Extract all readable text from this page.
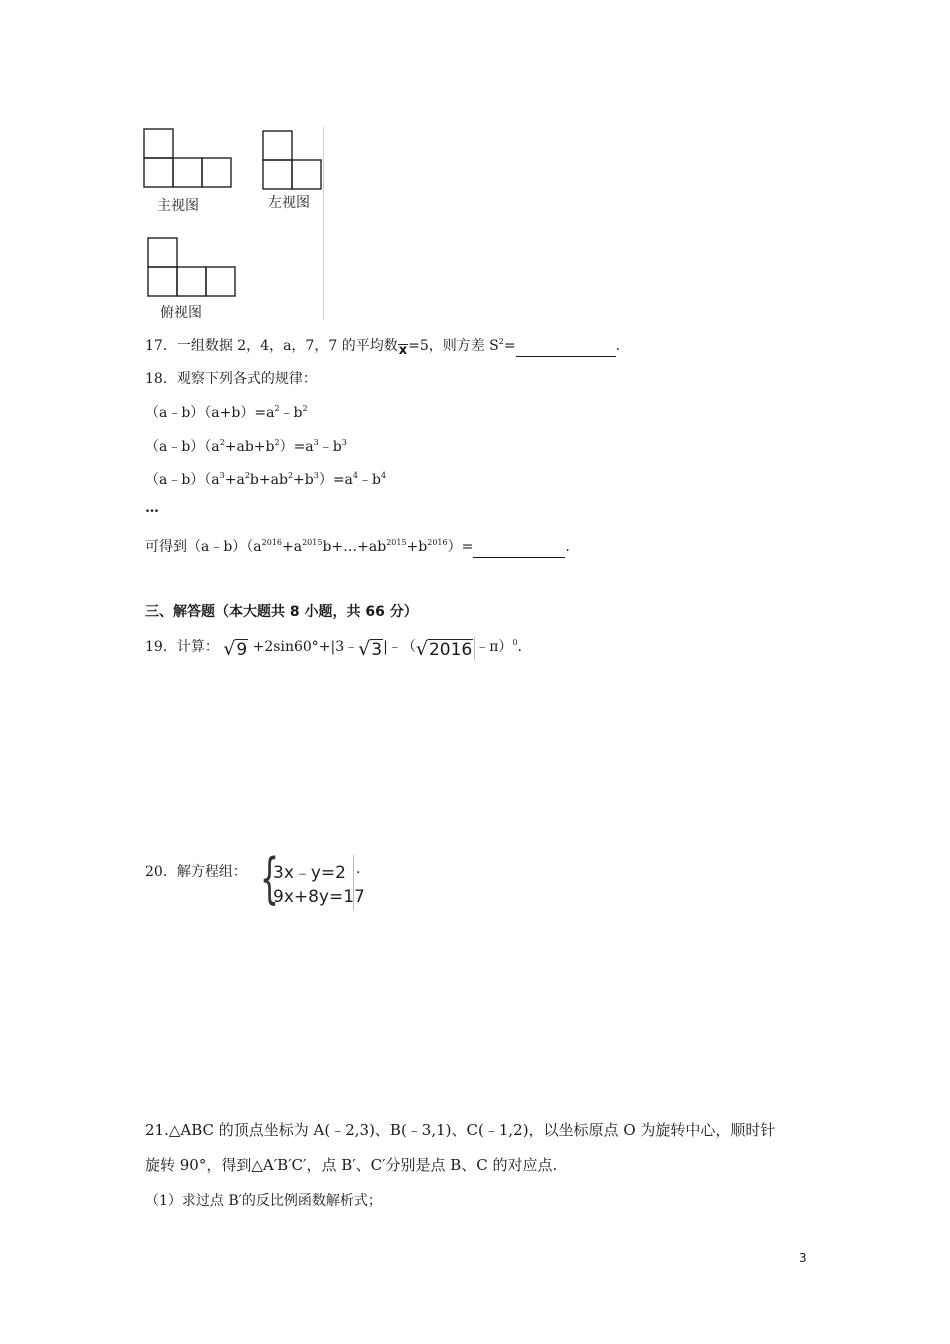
主视图	左视图
俯视图
17．一组数据 2，4，a，7，7 的平均数x=5，则方差 $S^2=$	.
18．观察下列各式的规律：
$(a﹣b)(a+b)=a^2﹣b^2$
$(a﹣b)(a^2+ab+b^2)=a^3﹣b^3$
$(a﹣b)(a^3+a^2b+ab^2+b^3)=a^4﹣b^4$
…
可得到$(a﹣b)(a^{2016}+a^{2015}b+\dots+ab^{2015}+b^{2016})=$	.
三、解答题（本大题共 8 小题，共 66 分）
19．计算： √9 +2sin60°+|3﹣√3|﹣（√2016 ﹣π）$^0$.
20．解方程组： {
3x﹣y=2
9x+8y=17
.
21.△ABC 的顶点坐标为 A(﹣2,3)、B(﹣3,1)、C(﹣1,2)，以坐标原点 O 为旋转中心，顺时针
旋转 90°，得到△A′B′C′，点 B′、C′分别是点 B、C 的对应点.
（1）求过点 B′的反比例函数解析式；
3
